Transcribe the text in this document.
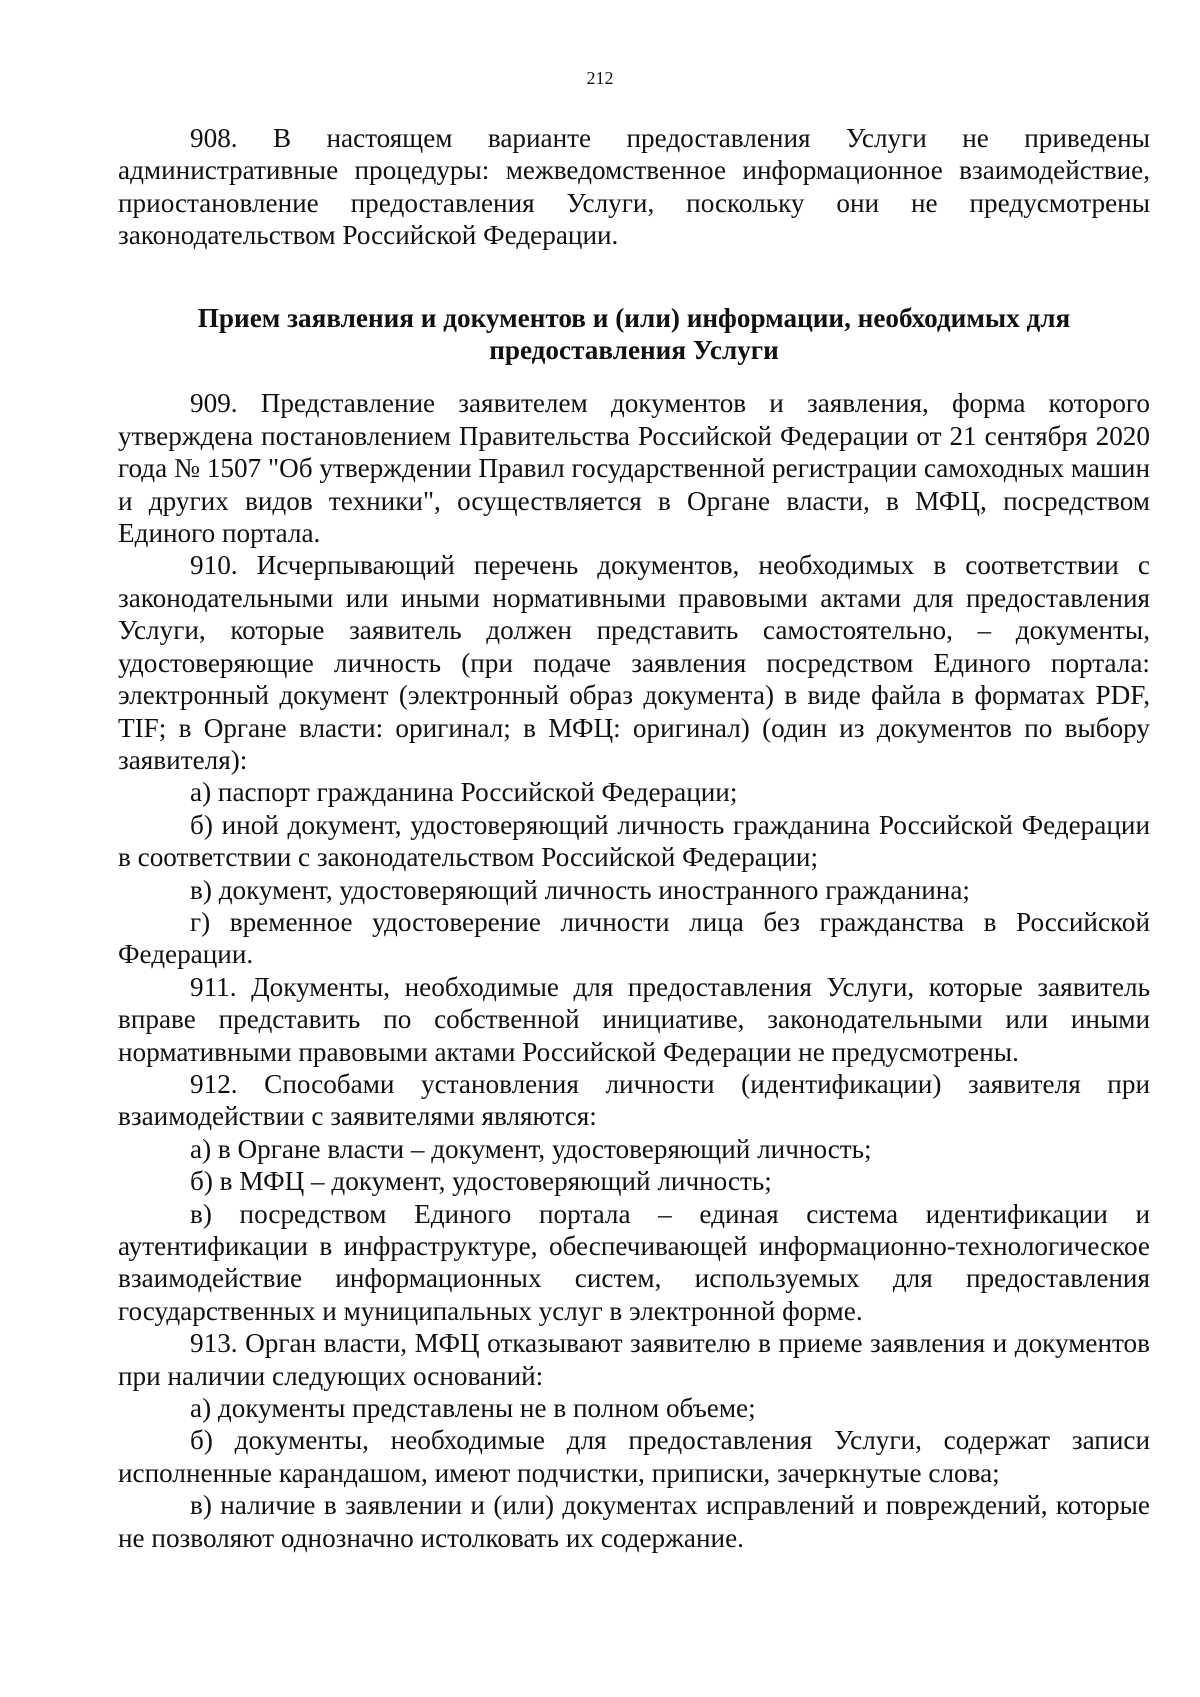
212

908. В настоящем варианте предоставления Услуги не приведены административные процедуры: межведомственное информационное взаимодействие, приостановление предоставления Услуги, поскольку они не предусмотрены законодательством Российской Федерации.

Прием заявления и документов и (или) информации, необходимых для предоставления Услуги

909. Представление заявителем документов и заявления, форма которого утверждена постановлением Правительства Российской Федерации от 21 сентября 2020 года № 1507 "Об утверждении Правил государственной регистрации самоходных машин и других видов техники", осуществляется в Органе власти, в МФЦ, посредством Единого портала.

910. Исчерпывающий перечень документов, необходимых в соответствии с законодательными или иными нормативными правовыми актами для предоставления Услуги, которые заявитель должен представить самостоятельно, – документы, удостоверяющие личность (при подаче заявления посредством Единого портала: электронный документ (электронный образ документа) в виде файла в форматах PDF, TIF; в Органе власти: оригинал; в МФЦ: оригинал) (один из документов по выбору заявителя):

а) паспорт гражданина Российской Федерации;

б) иной документ, удостоверяющий личность гражданина Российской Федерации в соответствии с законодательством Российской Федерации;

в) документ, удостоверяющий личность иностранного гражданина;

г) временное удостоверение личности лица без гражданства в Российской Федерации.

911. Документы, необходимые для предоставления Услуги, которые заявитель вправе представить по собственной инициативе, законодательными или иными нормативными правовыми актами Российской Федерации не предусмотрены.

912. Способами установления личности (идентификации) заявителя при взаимодействии с заявителями являются:

а) в Органе власти – документ, удостоверяющий личность;

б) в МФЦ – документ, удостоверяющий личность;

в) посредством Единого портала – единая система идентификации и аутентификации в инфраструктуре, обеспечивающей информационно-технологическое взаимодействие информационных систем, используемых для предоставления государственных и муниципальных услуг в электронной форме.

913. Орган власти, МФЦ отказывают заявителю в приеме заявления и документов при наличии следующих оснований:

а) документы представлены не в полном объеме;

б) документы, необходимые для предоставления Услуги, содержат записи исполненные карандашом, имеют подчистки, приписки, зачеркнутые слова;

в) наличие в заявлении и (или) документах исправлений и повреждений, которые не позволяют однозначно истолковать их содержание.
